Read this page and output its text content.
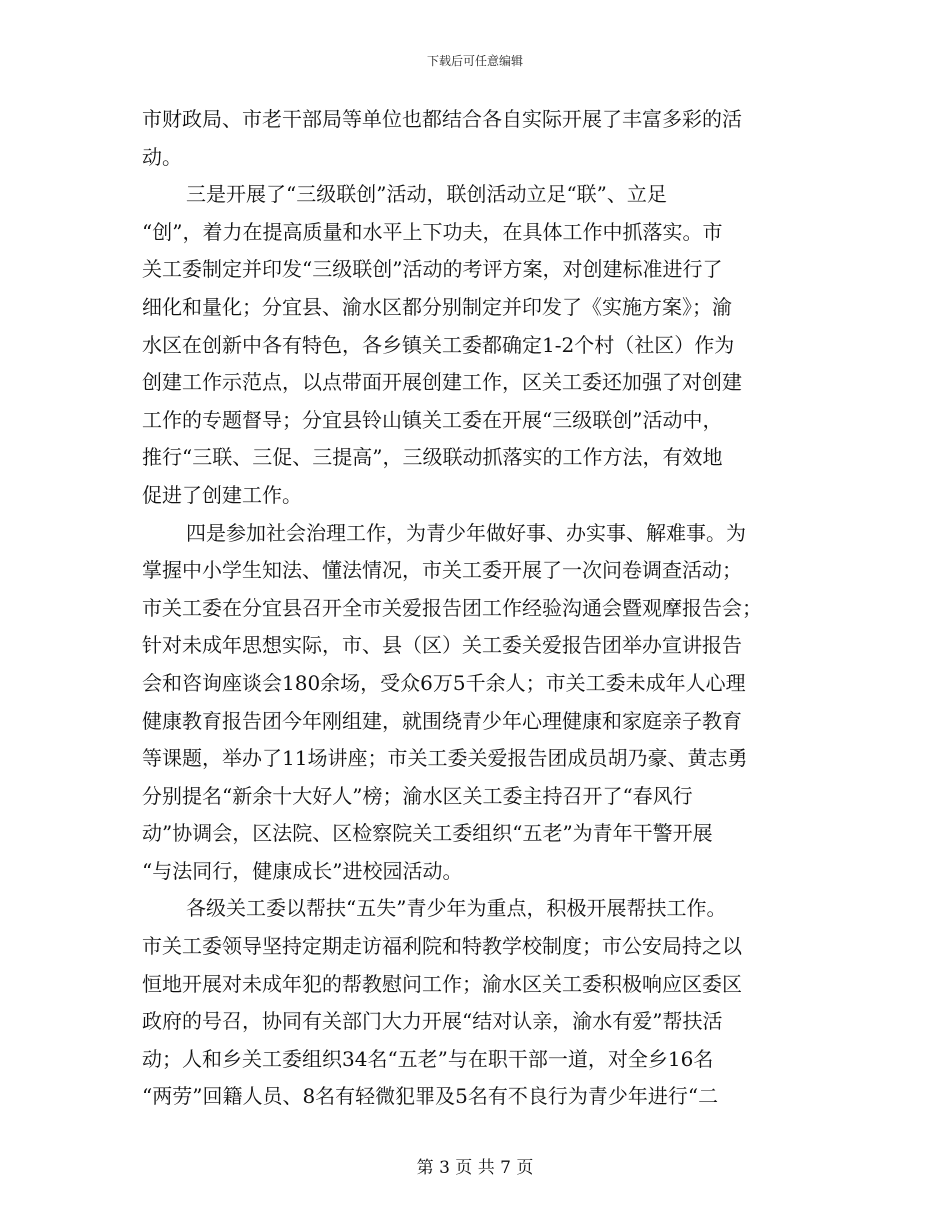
下载后可任意编辑
市财政局、市老干部局等单位也都结合各自实际开展了丰富多彩的活
动。
三是开展了“三级联创”活动，联创活动立足“联”、立足
“创”，着力在提高质量和水平上下功夫，在具体工作中抓落实。市
关工委制定并印发“三级联创”活动的考评方案，对创建标准进行了
细化和量化；分宜县、渝水区都分别制定并印发了《实施方案》；渝
水区在创新中各有特色，各乡镇关工委都确定1-2个村（社区）作为
创建工作示范点，以点带面开展创建工作，区关工委还加强了对创建
工作的专题督导；分宜县铃山镇关工委在开展“三级联创”活动中，
推行“三联、三促、三提高”，三级联动抓落实的工作方法，有效地
促进了创建工作。
四是参加社会治理工作，为青少年做好事、办实事、解难事。为
掌握中小学生知法、懂法情况，市关工委开展了一次问卷调查活动；
市关工委在分宜县召开全市关爱报告团工作经验沟通会暨观摩报告会；
针对未成年思想实际，市、县（区）关工委关爱报告团举办宣讲报告
会和咨询座谈会180余场，受众6万5千余人；市关工委未成年人心理
健康教育报告团今年刚组建，就围绕青少年心理健康和家庭亲子教育
等课题，举办了11场讲座；市关工委关爱报告团成员胡乃豪、黄志勇
分别提名“新余十大好人”榜；渝水区关工委主持召开了“春风行
动”协调会，区法院、区检察院关工委组织“五老”为青年干警开展
“与法同行，健康成长”进校园活动。
各级关工委以帮扶“五失”青少年为重点，积极开展帮扶工作。
市关工委领导坚持定期走访福利院和特教学校制度；市公安局持之以
恒地开展对未成年犯的帮教慰问工作；渝水区关工委积极响应区委区
政府的号召，协同有关部门大力开展“结对认亲，渝水有爱”帮扶活
动；人和乡关工委组织34名“五老”与在职干部一道，对全乡16名
“两劳”回籍人员、8名有轻微犯罪及5名有不良行为青少年进行“二
第 3 页 共 7 页
